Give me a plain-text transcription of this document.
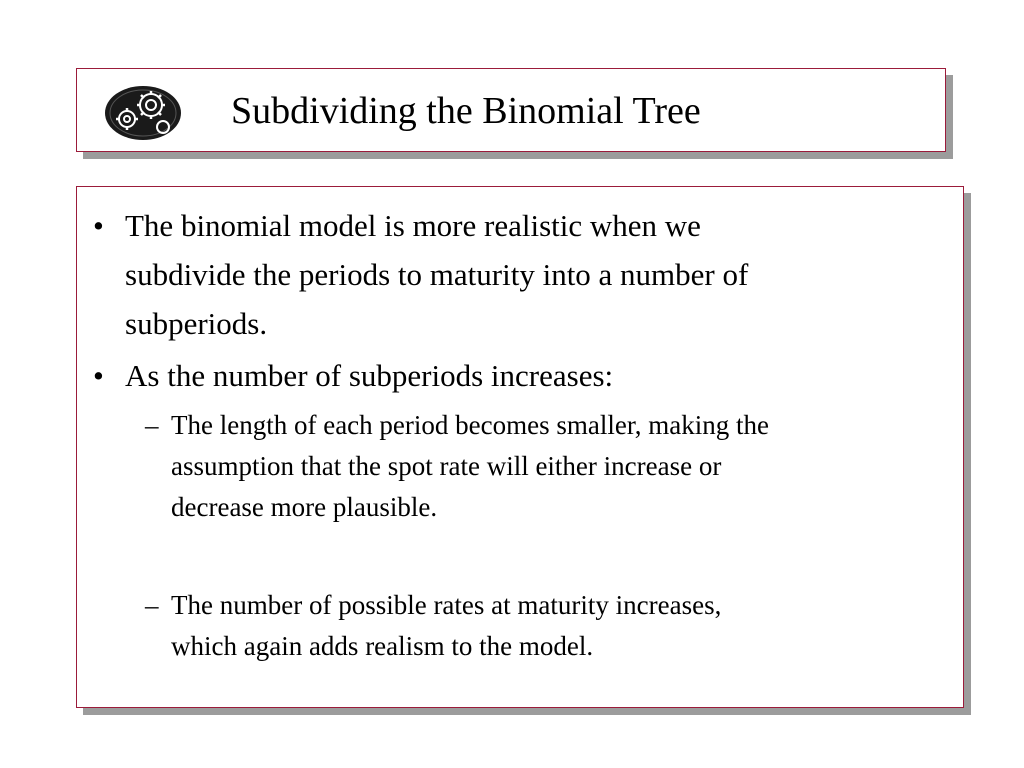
Subdividing the Binomial Tree
• The binomial model is more realistic when we
subdivide the periods to maturity into a number of
subperiods.
• As the number of subperiods increases:
– The length of each period becomes smaller, making the
assumption that the spot rate will either increase or
decrease more plausible.
– The number of possible rates at maturity increases,
which again adds realism to the model.
